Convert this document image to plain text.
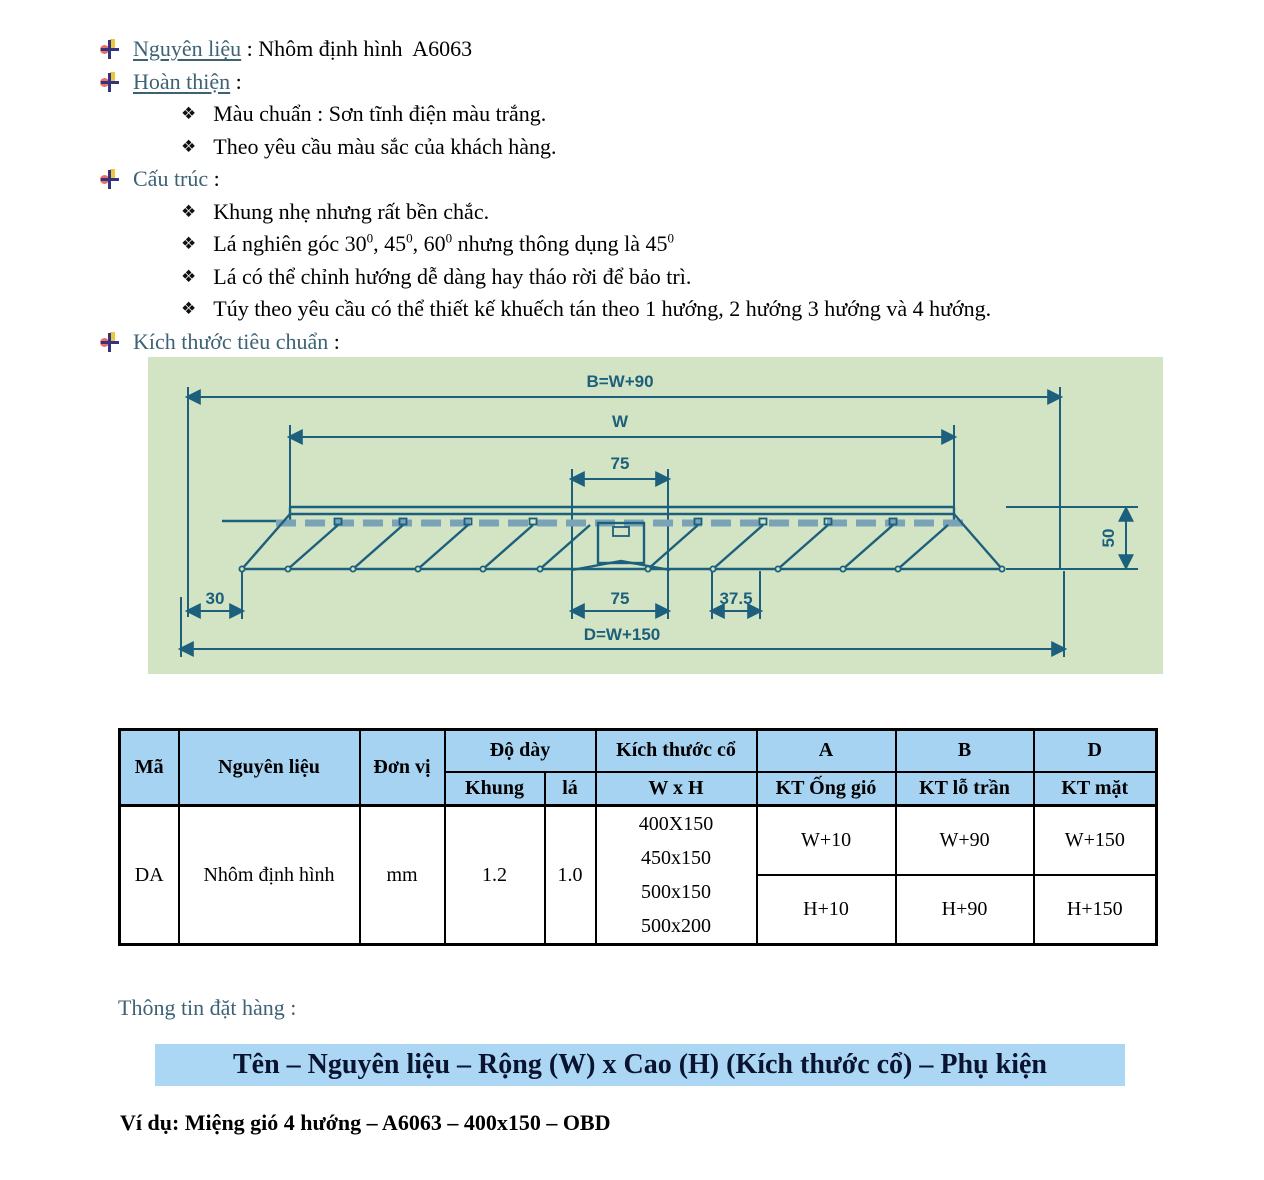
Nguyên liệu : Nhôm định hình  A6063
Hoàn thiện :
❖ Màu chuẩn : Sơn tĩnh điện màu trắng.
❖ Theo yêu cầu màu sắc của khách hàng.
Cấu trúc :
❖ Khung nhẹ nhưng rất bền chắc.
❖ Lá nghiên góc $30^0$, $45^0$, $60^0$ nhưng thông dụng là $45^0$
❖ Lá có thể chỉnh hướng dễ dàng hay tháo rời để bảo trì.
❖ Túy theo yêu cầu có thể thiết kế khuếch tán theo 1 hướng, 2 hướng 3 hướng và 4 hướng.
Kích thước tiêu chuẩn :
B=W+90
W
75
30	75	37.5
50
D=W+150
Mã	Nguyên liệu	Đơn vị	Độ dày		Kích thước cổ	A	B	D
			Khung	lá	W x H	KT Ống gió	KT lỗ trần	KT mặt
DA	Nhôm định hình	mm	1.2	1.0	400X150
450x150
500x150
500x200	W+10	W+90	W+150
						H+10	H+90	H+150
Thông tin đặt hàng :
Tên – Nguyên liệu – Rộng (W) x Cao (H) (Kích thước cổ) – Phụ kiện
Ví dụ: Miệng gió 4 hướng – A6063 – 400x150 – OBD
